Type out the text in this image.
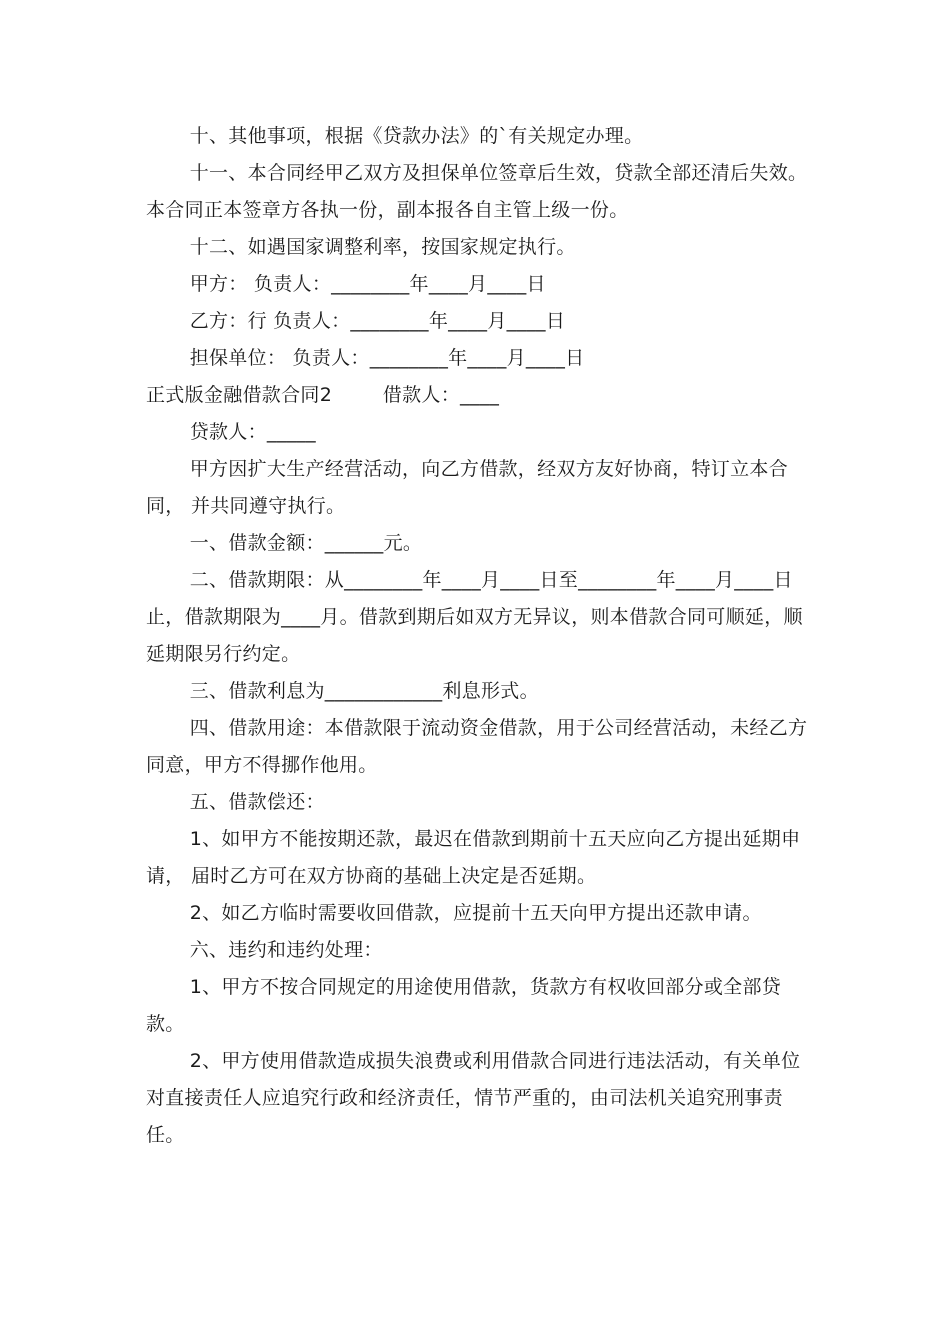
十、其他事项，根据《贷款办法》的`有关规定办理。

十一、本合同经甲乙双方及担保单位签章后生效，贷款全部还清后失效。本合同正本签章方各执一份，副本报各自主管上级一份。

十二、如遇国家调整利率，按国家规定执行。

甲方： 负责人：________年____月____日

乙方：行 负责人：________年____月____日

担保单位： 负责人：________年____月____日

正式版金融借款合同2        借款人：____

贷款人：_____

甲方因扩大生产经营活动，向乙方借款，经双方友好协商，特订立本合同， 并共同遵守执行。

一、借款金额：______元。

二、借款期限：从________年____月____日至________年____月____日止，借款期限为____月。借款到期后如双方无异议，则本借款合同可顺延，顺延期限另行约定。

三、借款利息为____________利息形式。

四、借款用途：本借款限于流动资金借款，用于公司经营活动，未经乙方同意，甲方不得挪作他用。

五、借款偿还：

1、如甲方不能按期还款，最迟在借款到期前十五天应向乙方提出延期申请， 届时乙方可在双方协商的基础上决定是否延期。

2、如乙方临时需要收回借款，应提前十五天向甲方提出还款申请。

六、违约和违约处理：

1、甲方不按合同规定的用途使用借款，货款方有权收回部分或全部贷款。

2、甲方使用借款造成损失浪费或利用借款合同进行违法活动，有关单位对直接责任人应追究行政和经济责任，情节严重的，由司法机关追究刑事责任。
